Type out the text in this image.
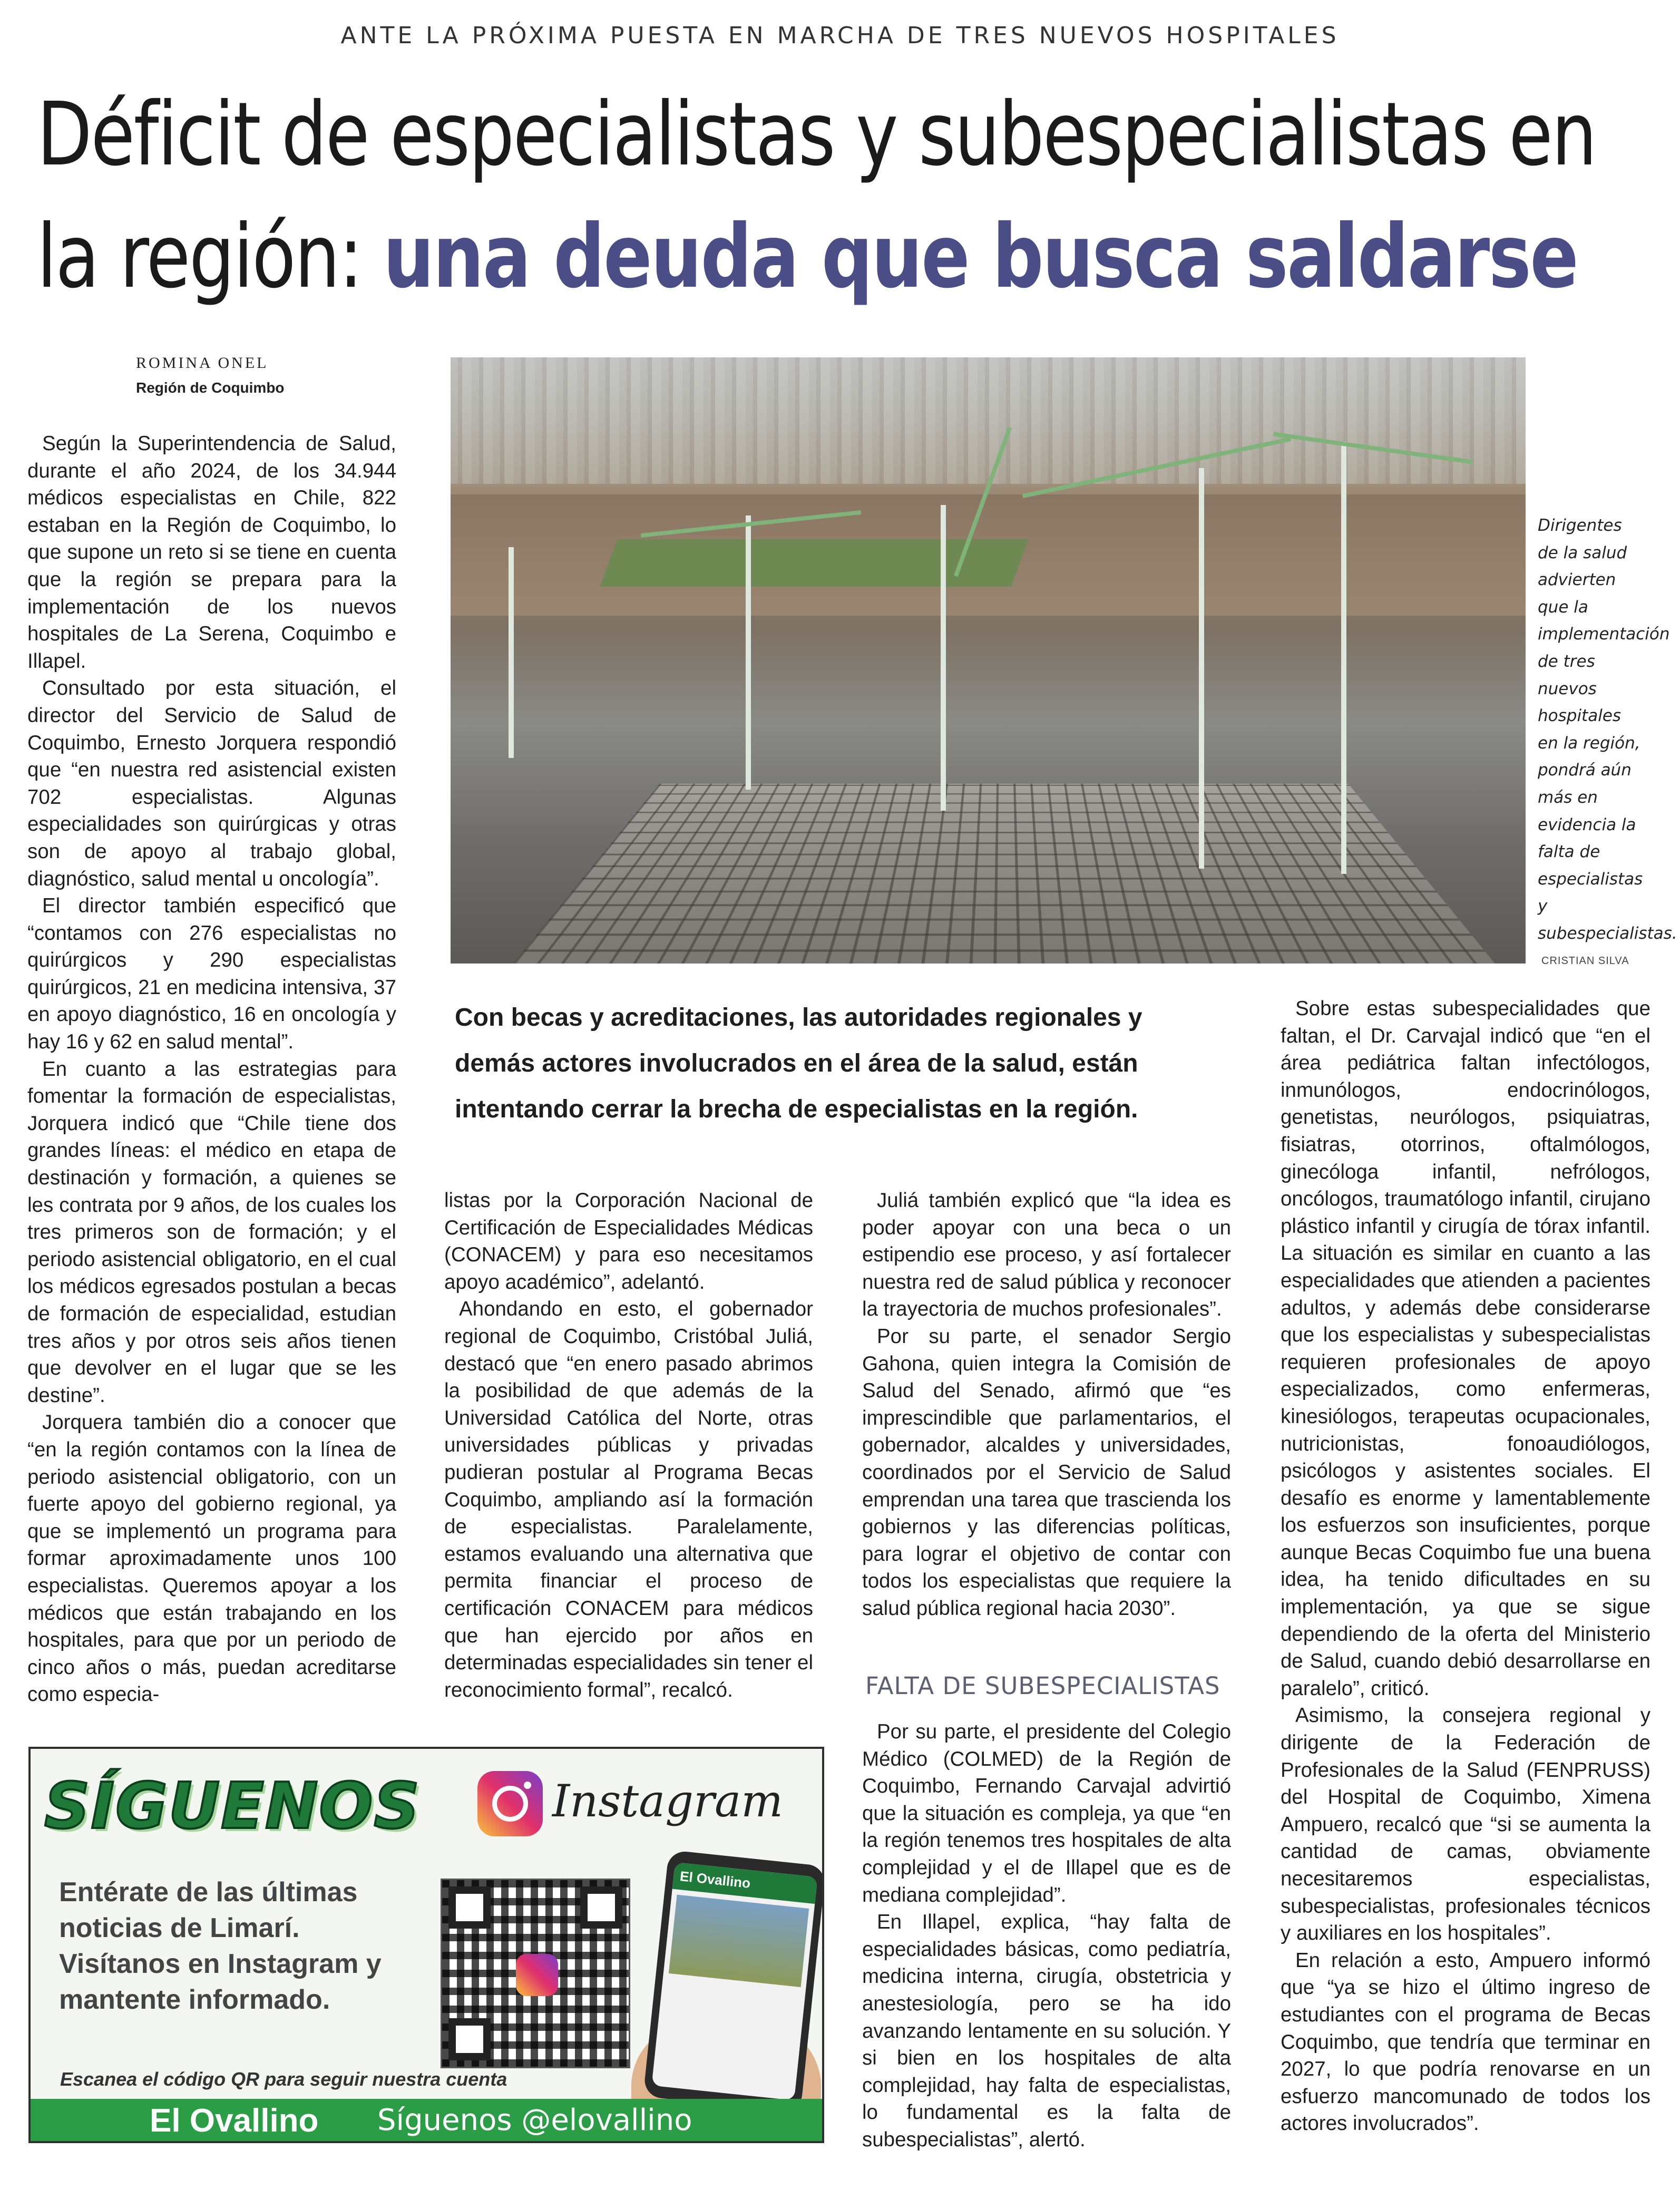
ANTE LA PRÓXIMA PUESTA EN MARCHA DE TRES NUEVOS HOSPITALES
Déficit de especialistas y subespecialistas en
la región: una deuda que busca saldarse
ROMINA ONEL
Región de Coquimbo

Según la Superintendencia de Salud, durante el año 2024, de los 34.944 médicos especialistas en Chile, 822 estaban en la Región de Coquimbo, lo que supone un reto si se tiene en cuenta que la región se prepara para la implementación de los nuevos hospitales de La Serena, Coquimbo e Illapel.

Consultado por esta situación, el director del Servicio de Salud de Coquimbo, Ernesto Jorquera respondió que “en nuestra red asistencial existen 702 especialistas. Algunas especialidades son quirúrgicas y otras son de apoyo al trabajo global, diagnóstico, salud mental u oncología”.

El director también especificó que “contamos con 276 especialistas no quirúrgicos y 290 especialistas quirúrgicos, 21 en medicina intensiva, 37 en apoyo diagnóstico, 16 en oncología y hay 16 y 62 en salud mental”.

En cuanto a las estrategias para fomentar la formación de especialistas, Jorquera indicó que “Chile tiene dos grandes líneas: el médico en etapa de destinación y formación, a quienes se les contrata por 9 años, de los cuales los tres primeros son de formación; y el periodo asistencial obligatorio, en el cual los médicos egresados postulan a becas de formación de especialidad, estudian tres años y por otros seis años tienen que devolver en el lugar que se les destine”.

Jorquera también dio a conocer que “en la región contamos con la línea de periodo asistencial obligatorio, con un fuerte apoyo del gobierno regional, ya que se implementó un programa para formar aproximadamente unos 100 especialistas. Queremos apoyar a los médicos que están trabajando en los hospitales, para que por un periodo de cinco años o más, puedan acreditarse como especia-

CRISTIAN SILVA
Dirigentes de la salud advierten que la implementación de tres nuevos hospitales en la región, pondrá aún más en evidencia la falta de especialistas y subespecialistas.
Con becas y acreditaciones, las autoridades regionales y demás actores involucrados en el área de la salud, están intentando cerrar la brecha de especialistas en la región.

listas por la Corporación Nacional de Certificación de Especialidades Médicas (CONACEM) y para eso necesitamos apoyo académico”, adelantó.

Ahondando en esto, el gobernador regional de Coquimbo, Cristóbal Juliá, destacó que “en enero pasado abrimos la posibilidad de que además de la Universidad Católica del Norte, otras universidades públicas y privadas pudieran postular al Programa Becas Coquimbo, ampliando así la formación de especialistas. Paralelamente, estamos evaluando una alternativa que permita financiar el proceso de certificación CONACEM para médicos que han ejercido por años en determinadas especialidades sin tener el reconocimiento formal”, recalcó.

Juliá también explicó que “la idea es poder apoyar con una beca o un estipendio ese proceso, y así fortalecer nuestra red de salud pública y reconocer la trayectoria de muchos profesionales”.

Por su parte, el senador Sergio Gahona, quien integra la Comisión de Salud del Senado, afirmó que “es imprescindible que parlamentarios, el gobernador, alcaldes y universidades, coordinados por el Servicio de Salud emprendan una tarea que trascienda los gobiernos y las diferencias políticas, para lograr el objetivo de contar con todos los especialistas que requiere la salud pública regional hacia 2030”.

FALTA DE SUBESPECIALISTAS

Por su parte, el presidente del Colegio Médico (COLMED) de la Región de Coquimbo, Fernando Carvajal advirtió que la situación es compleja, ya que “en la región tenemos tres hospitales de alta complejidad y el de Illapel que es de mediana complejidad”.

En Illapel, explica, “hay falta de especialidades básicas, como pediatría, medicina interna, cirugía, obstetricia y anestesiología, pero se ha ido avanzando lentamente en su solución. Y si bien en los hospitales de alta complejidad, hay falta de especialistas, lo fundamental es la falta de subespecialistas”, alertó.

Sobre estas subespecialidades que faltan, el Dr. Carvajal indicó que “en el área pediátrica faltan infectólogos, inmunólogos, endocrinólogos, genetistas, neurólogos, psiquiatras, fisiatras, otorrinos, oftalmólogos, ginecóloga infantil, nefrólogos, oncólogos, traumatólogo infantil, cirujano plástico infantil y cirugía de tórax infantil. La situación es similar en cuanto a las especialidades que atienden a pacientes adultos, y además debe considerarse que los especialistas y subespecialistas requieren profesionales de apoyo especializados, como enfermeras, kinesiólogos, terapeutas ocupacionales, nutricionistas, fonoaudiólogos, psicólogos y asistentes sociales. El desafío es enorme y lamentablemente los esfuerzos son insuficientes, porque aunque Becas Coquimbo fue una buena idea, ha tenido dificultades en su implementación, ya que se sigue dependiendo de la oferta del Ministerio de Salud, cuando debió desarrollarse en paralelo”, criticó.

Asimismo, la consejera regional y dirigente de la Federación de Profesionales de la Salud (FENPRUSS) del Hospital de Coquimbo, Ximena Ampuero, recalcó que “si se aumenta la cantidad de camas, obviamente necesitaremos especialistas, subespecialistas, profesionales técnicos y auxiliares en los hospitales”.

En relación a esto, Ampuero informó que “ya se hizo el último ingreso de estudiantes con el programa de Becas Coquimbo, que tendría que terminar en 2027, lo que podría renovarse en un esfuerzo mancomunado de todos los actores involucrados”.

SÍGUENOS	Instagram
Entérate de las últimas noticias de Limarí. Visítanos en Instagram y mantente informado.
El Ovallino
Escanea el código QR para seguir nuestra cuenta
El Ovallino Síguenos @elovallino
